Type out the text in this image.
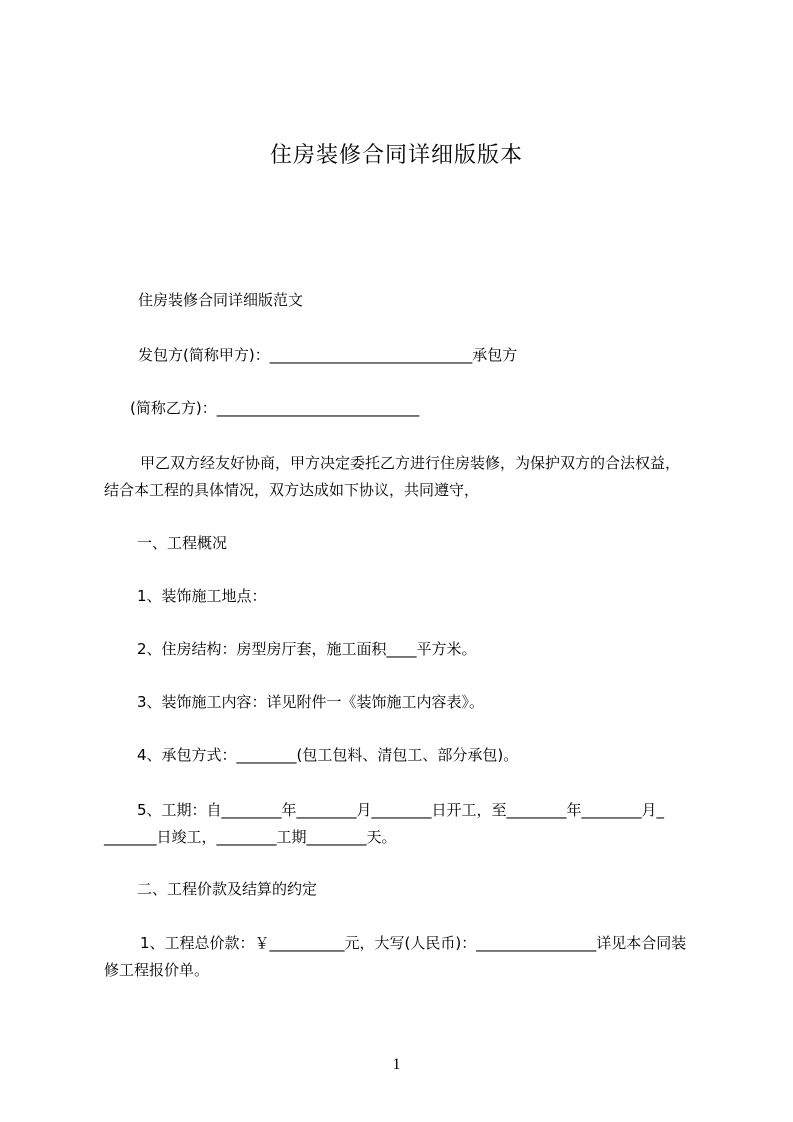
住房装修合同详细版版本
住房装修合同详细版范文
发包方(简称甲方)：___________________________承包方
(简称乙方)：___________________________
甲乙双方经友好协商，甲方决定委托乙方进行住房装修，为保护双方的合法权益，
结合本工程的具体情况，双方达成如下协议，共同遵守，
一、工程概况
1、装饰施工地点：
2、住房结构：房型房厅套，施工面积____平方米。
3、装饰施工内容：详见附件一《装饰施工内容表》。
4、承包方式：________(包工包料、清包工、部分承包)。
5、工期：自________年________月________日开工，至________年________月_
_______日竣工，________工期________天。
二、工程价款及结算的约定
1、工程总价款：￥__________元，大写(人民币)：________________详见本合同装
修工程报价单。
1
